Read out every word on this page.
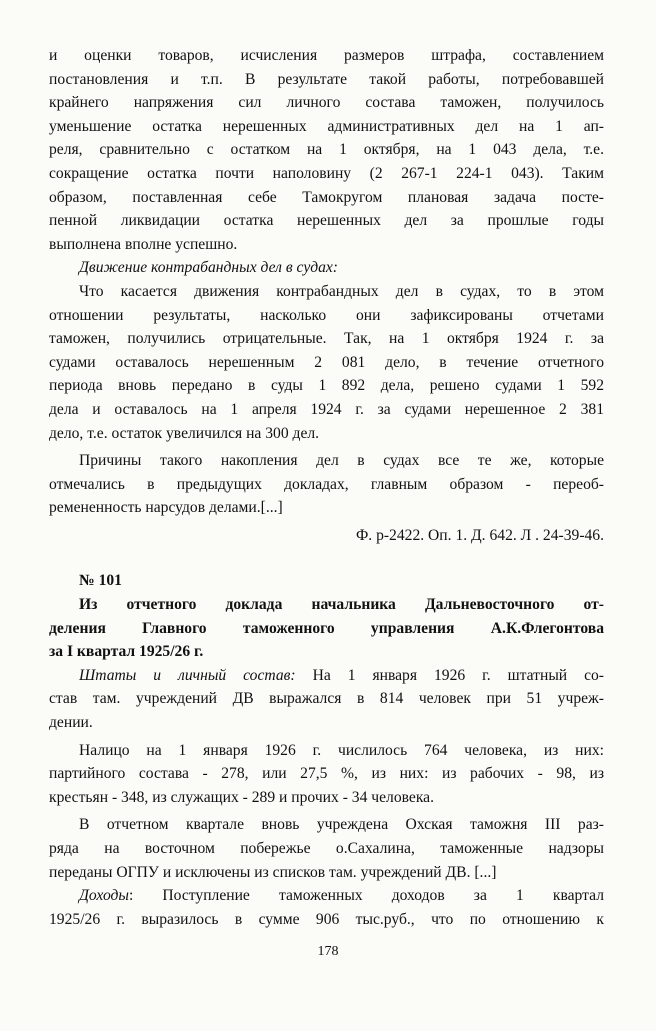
и оценки товаров, исчисления размеров штрафа, составлением
постановления и т.п. В результате такой работы, потребовавшей
крайнего напряжения сил личного состава таможен, получилось
уменьшение остатка нерешенных административных дел на 1 ап-
реля, сравнительно с остатком на 1 октября, на 1 043 дела, т.е.
сокращение остатка почти наполовину (2 267-1 224-1 043). Таким
образом, поставленная себе Тамокругом плановая задача посте-
пенной ликвидации остатка нерешенных дел за прошлые годы
выполнена вполне успешно.
Движение контрабандных дел в судах:
Что касается движения контрабандных дел в судах, то в этом
отношении результаты, насколько они зафиксированы отчетами
таможен, получились отрицательные. Так, на 1 октября 1924 г. за
судами оставалось нерешенным 2 081 дело, в течение отчетного
периода вновь передано в суды 1 892 дела, решено судами 1 592
дела и оставалось на 1 апреля 1924 г. за судами нерешенное 2 381
дело, т.е. остаток увеличился на 300 дел.
Причины такого накопления дел в судах все те же, которые
отмечались в предыдущих докладах, главным образом - переоб-
ремененность нарсудов делами.[...]
Ф. р-2422. Оп. 1. Д. 642. Л . 24-39-46.
№ 101
Из отчетного доклада начальника Дальневосточного от-
деления Главного таможенного управления А.К.Флегонтова
за I квартал 1925/26 г.
Штаты и личный состав: На 1 января 1926 г. штатный со-
став там. учреждений ДВ выражался в 814 человек при 51 учреж-
дении.
Налицо на 1 января 1926 г. числилось 764 человека, из них:
партийного состава - 278, или 27,5 %, из них: из рабочих - 98, из
крестьян - 348, из служащих - 289 и прочих - 34 человека.
В отчетном квартале вновь учреждена Охская таможня III раз-
ряда на восточном побережье о.Сахалина, таможенные надзоры
переданы ОГПУ и исключены из списков там. учреждений ДВ. [...]
Доходы: Поступление таможенных доходов за 1 квартал
1925/26 г. выразилось в сумме 906 тыс.руб., что по отношению к
178
